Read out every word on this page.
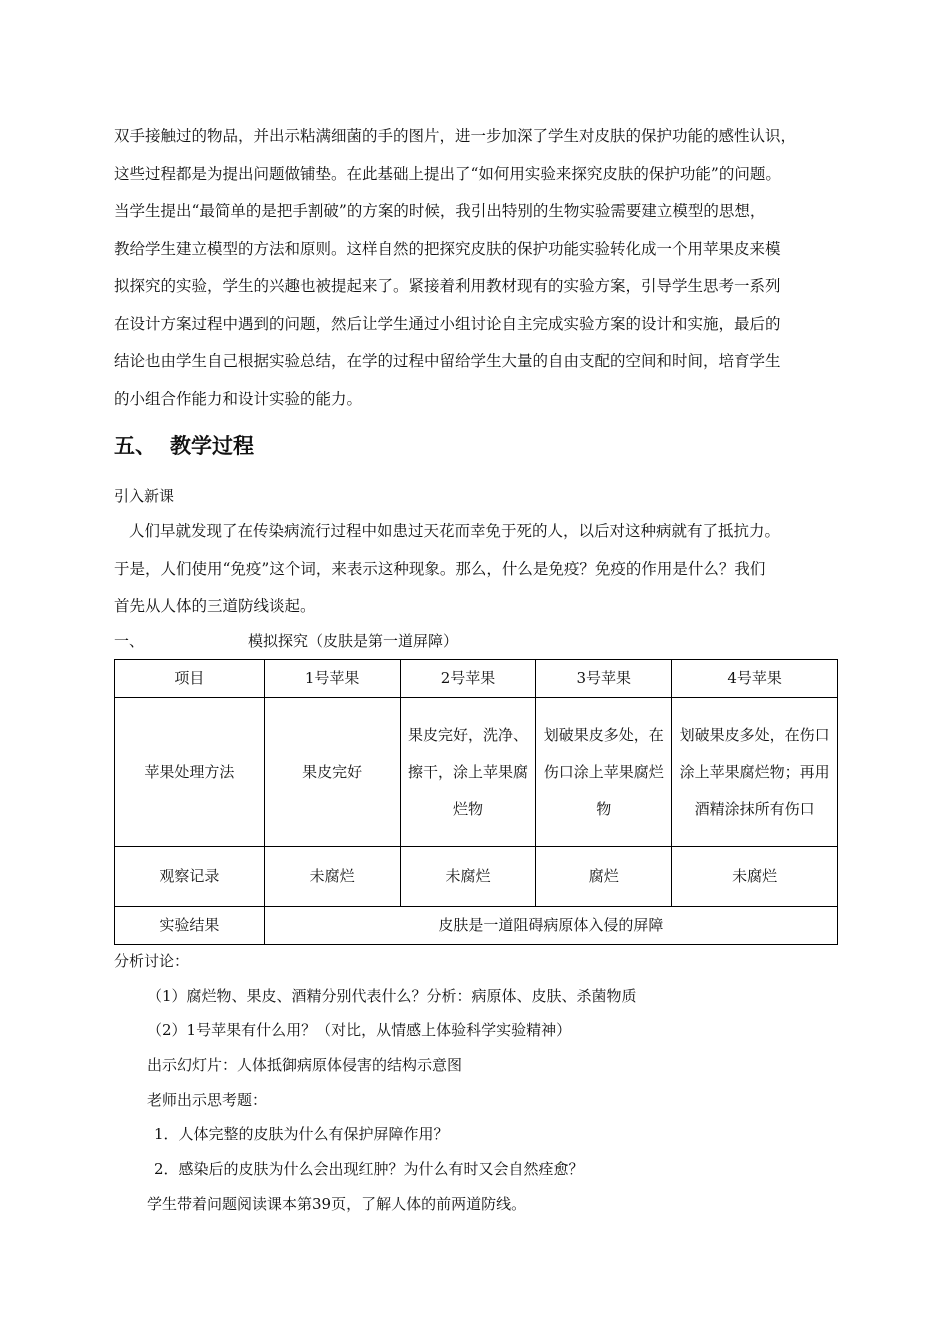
双手接触过的物品，并出示粘满细菌的手的图片，进一步加深了学生对皮肤的保护功能的感性认识，
这些过程都是为提出问题做铺垫。在此基础上提出了“如何用实验来探究皮肤的保护功能”的问题。
当学生提出“最简单的是把手割破”的方案的时候，我引出特别的生物实验需要建立模型的思想，
教给学生建立模型的方法和原则。这样自然的把探究皮肤的保护功能实验转化成一个用苹果皮来模
拟探究的实验，学生的兴趣也被提起来了。紧接着利用教材现有的实验方案，引导学生思考一系列
在设计方案过程中遇到的问题，然后让学生通过小组讨论自主完成实验方案的设计和实施，最后的
结论也由学生自己根据实验总结，在学的过程中留给学生大量的自由支配的空间和时间，培育学生
的小组合作能力和设计实验的能力。
五、 教学过程
引入新课
人们早就发现了在传染病流行过程中如患过天花而幸免于死的人，以后对这种病就有了抵抗力。
于是，人们使用“免疫”这个词，来表示这种现象。那么，什么是免疫？免疫的作用是什么？我们
首先从人体的三道防线谈起。
一、	模拟探究（皮肤是第一道屏障）
项目	1号苹果	2号苹果	3号苹果	4号苹果
苹果处理方法	果皮完好	果皮完好，洗净、擦干，涂上苹果腐烂物	划破果皮多处，在伤口涂上苹果腐烂物	划破果皮多处，在伤口涂上苹果腐烂物；再用酒精涂抹所有伤口
观察记录	未腐烂	未腐烂	腐烂	未腐烂
实验结果	皮肤是一道阻碍病原体入侵的屏障			
分析讨论：
（1）腐烂物、果皮、酒精分别代表什么？分析：病原体、皮肤、杀菌物质
（2）1号苹果有什么用？（对比，从情感上体验科学实验精神）
出示幻灯片：人体抵御病原体侵害的结构示意图
老师出示思考题：
1．人体完整的皮肤为什么有保护屏障作用？
2．感染后的皮肤为什么会出现红肿？为什么有时又会自然痊愈？
学生带着问题阅读课本第39页，了解人体的前两道防线。
